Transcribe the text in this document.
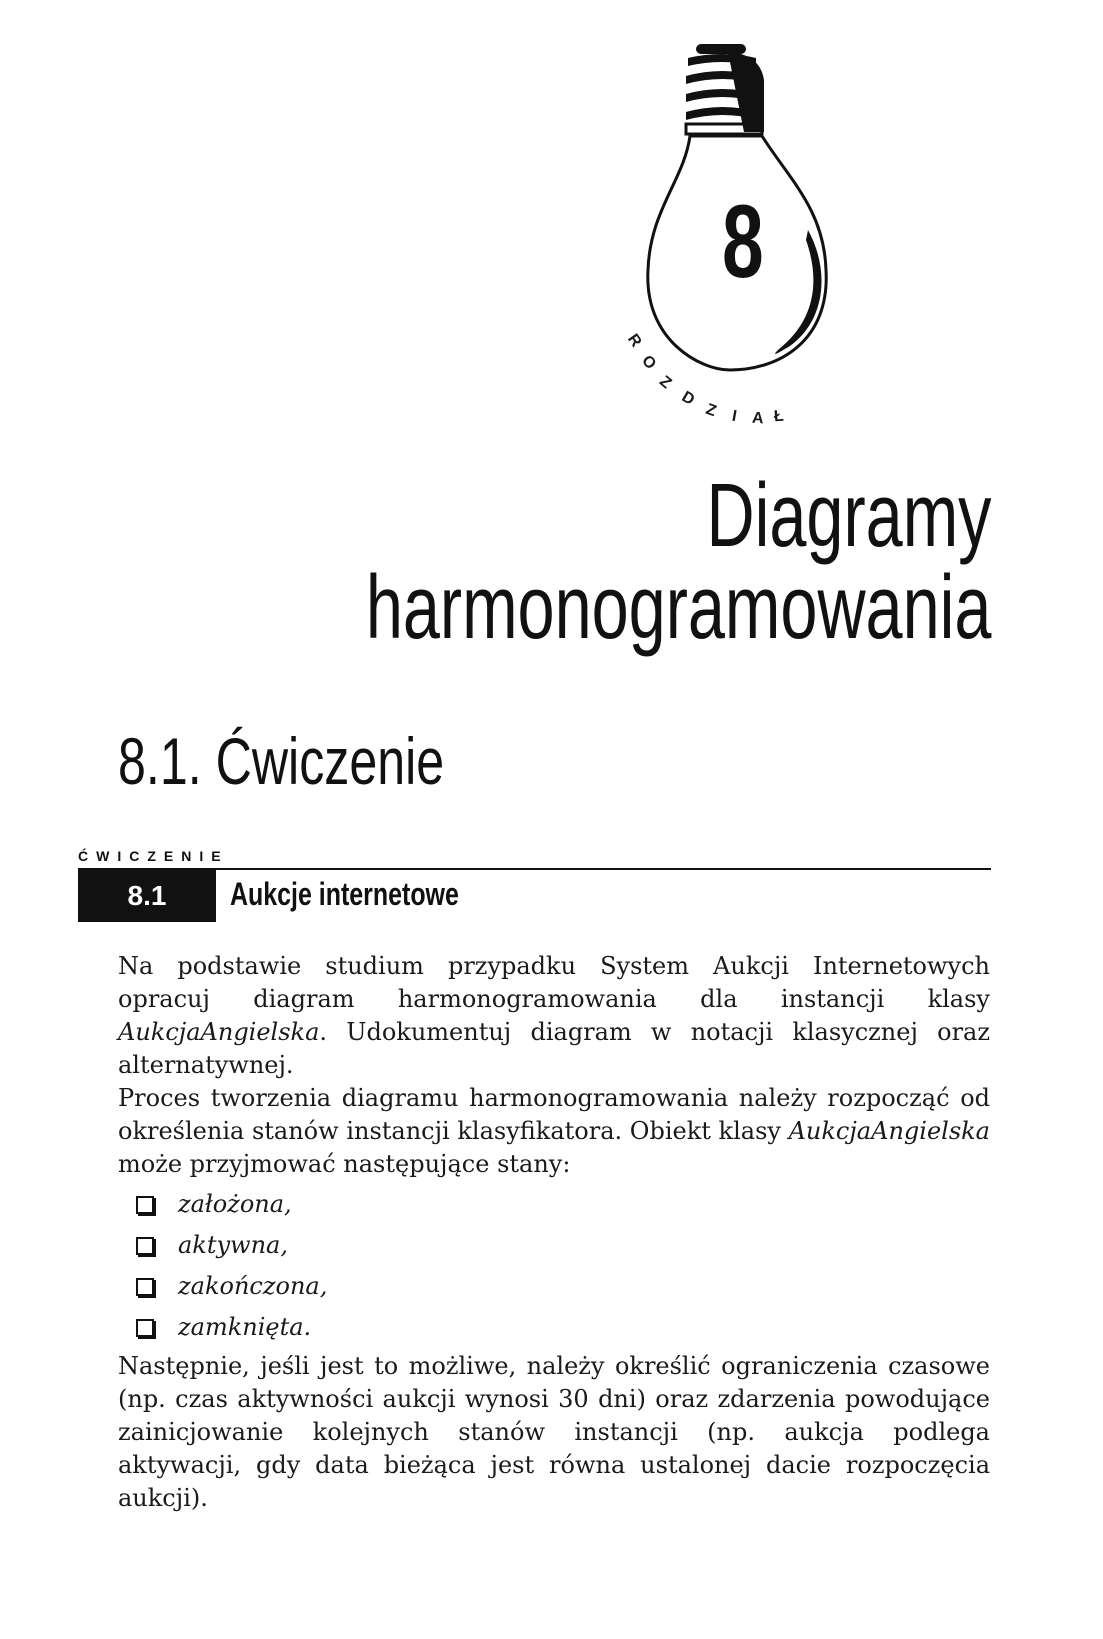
R
O
Z
D
Z I A Ł
8
Diagramy
harmonogramowania
8.1. Ćwiczenie
ĆWICZENIE
8.1	Aukcje internetowe

Na podstawie studium przypadku System Aukcji Internetowych opracuj diagram harmonogramowania dla instancji klasy AukcjaAngielska. Udokumentuj diagram w notacji klasycznej oraz alternatywnej.

Proces tworzenia diagramu harmonogramowania należy rozpocząć od określenia stanów instancji klasyfikatora. Obiekt klasy AukcjaAngielska może przyjmować następujące stany:

założona,
aktywna,
zakończona,
zamknięta.

Następnie, jeśli jest to możliwe, należy określić ograniczenia czasowe (np. czas aktywności aukcji wynosi 30 dni) oraz zdarzenia powodujące zainicjowanie kolejnych stanów instancji (np. aukcja podlega aktywacji, gdy data bieżąca jest równa ustalonej dacie rozpoczęcia aukcji).
